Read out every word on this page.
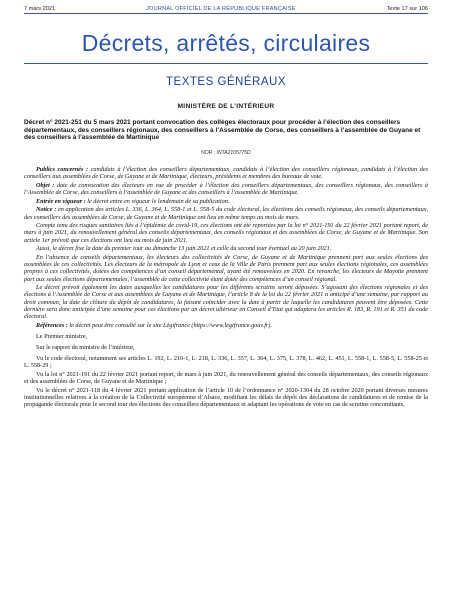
7 mars 2021	JOURNAL OFFICIEL DE LA RÉPUBLIQUE FRANÇAISE	Texte 17 sur 106
Décrets, arrêtés, circulaires
TEXTES GÉNÉRAUX
MINISTÈRE DE L’INTÉRIEUR
Décret n° 2021-251 du 5 mars 2021 portant convocation des collèges électoraux pour procéder à l’élection des conseillers départementaux, des conseillers régionaux, des conseillers à l’Assemblée de Corse, des conseillers à l’assemblée de Guyane et des conseillers à l’assemblée de Martinique
NOR : INTA2105775D

Publics concernés : candidats à l’élection des conseillers départementaux, candidats à l’élection des conseillers régionaux, candidats à l’élection des conseillers aux assemblées de Corse, de Guyane et de Martinique, électeurs, présidents et membres des bureaux de vote.

Objet : date de convocation des électeurs en vue de procéder à l’élection des conseillers départementaux, des conseillers régionaux, des conseillers à l’Assemblée de Corse, des conseillers à l’assemblée de Guyane et des conseillers à l’assemblée de Martinique.

Entrée en vigueur : le décret entre en vigueur le lendemain de sa publication.

Notice : en application des articles L. 336, L. 364, L. 558-1 et L. 558-5 du code électoral, les élections des conseils régionaux, des conseils départementaux, des conseillers des assemblées de Corse, de Guyane et de Martinique ont lieu en même temps au mois de mars.

Compte tenu des risques sanitaires liés à l’épidémie de covid-19, ces élections ont été reportées par la loi n° 2021-191 du 22 février 2021 portant report, de mars à juin 2021, du renouvellement général des conseils départementaux, des conseils régionaux et des assemblées de Corse, de Guyane et de Martinique. Son article 1er prévoit que ces élections ont lieu au mois de juin 2021.

Aussi, le décret fixe la date du premier tour au dimanche 13 juin 2021 et celle du second tour éventuel au 20 juin 2021.

En l’absence de conseils départementaux, les électeurs des collectivités de Corse, de Guyane et de Martinique prennent part aux seules élections des assemblées de ces collectivités. Les électeurs de la métropole de Lyon et ceux de la Ville de Paris prennent part aux seules élections régionales, ces assemblées propres à ces collectivités, dotées des compétences d’un conseil départemental, ayant été renouvelées en 2020. En revanche, les électeurs de Mayotte prennent part aux seules élections départementales, l’assemblée de cette collectivité étant dotée des compétences d’un conseil régional.

Le décret prévoit également les dates auxquelles les candidatures pour les différents scrutins seront déposées. S’agissant des élections régionales et des élections à l’Assemblée de Corse et aux assemblées de Guyane et de Martinique, l’article 8 de la loi du 22 février 2021 a anticipé d’une semaine, par rapport au droit commun, la date de clôture du dépôt de candidatures, la faisant coïncider avec la date à partir de laquelle les candidatures peuvent être déposées. Cette dernière sera donc anticipée d’une semaine pour ces élections par un décret ultérieur en Conseil d’Etat qui adaptera les articles R. 183, R. 191 et R. 351 du code électoral.

Références : le décret peut être consulté sur le site Légifrance (https://www.legifrance.gouv.fr).

Le Premier ministre,

Sur le rapport du ministre de l’intérieur,

Vu le code électoral, notamment ses articles L. 192, L. 210-1, L. 218, L. 336, L. 357, L. 364, L. 375, L. 378, L. 462, L. 451, L. 558-1, L. 558-5, L. 558-25 et L. 558-29 ;

Vu la loi n° 2021-191 du 22 février 2021 portant report, de mars à juin 2021, du renouvellement général des conseils départementaux, des conseils régionaux et des assemblées de Corse, de Guyane et de Martinique ;

Vu le décret n° 2021-118 du 4 février 2021 portant application de l’article 10 de l’ordonnance n° 2020-1304 du 28 octobre 2020 portant diverses mesures institutionnelles relatives à la création de la Collectivité européenne d’Alsace, modifiant les délais de dépôt des déclarations de candidatures et de remise de la propagande électorale pour le second tour des élections des conseillers départementaux et adaptant les opérations de vote en cas de scrutins concomitants,
